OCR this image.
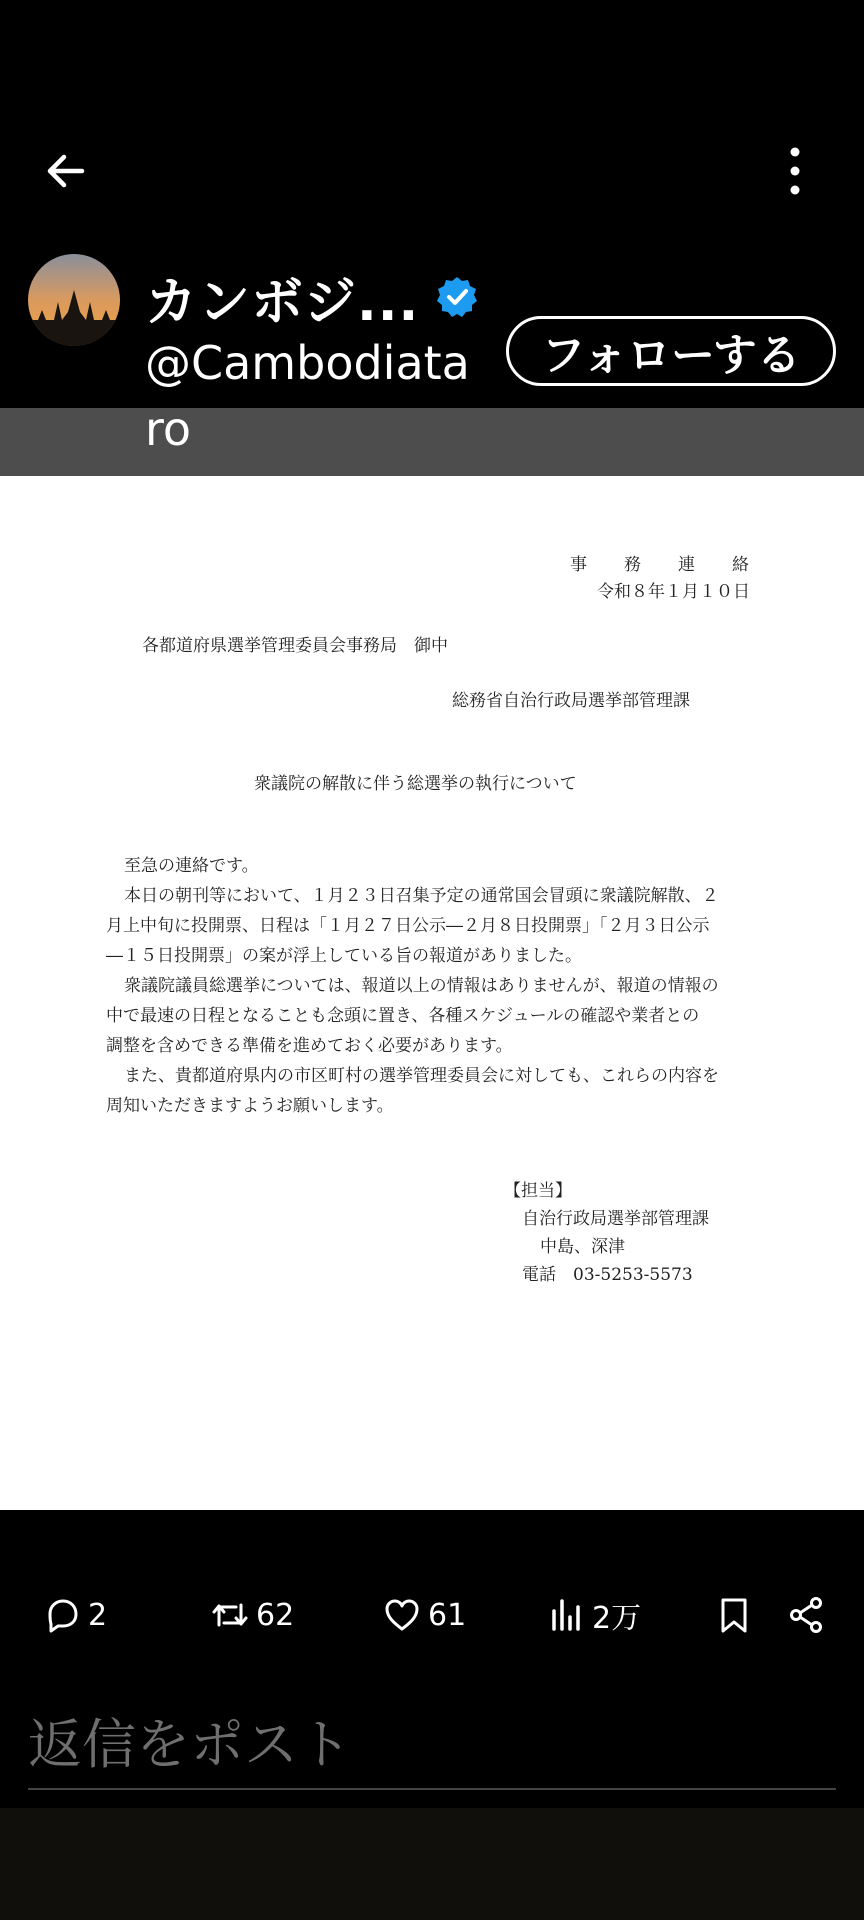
カンボジ...
@Cambodiataro
フォローする
事　　務　　連　　絡
令和８年１月１０日
各都道府県選挙管理委員会事務局　御中
総務省自治行政局選挙部管理課
衆議院の解散に伴う総選挙の執行について
至急の連絡です。
本日の朝刊等において、１月２３日召集予定の通常国会冒頭に衆議院解散、２
月上中旬に投開票、日程は「１月２７日公示―２月８日投開票」「２月３日公示
―１５日投開票」の案が浮上している旨の報道がありました。
衆議院議員総選挙については、報道以上の情報はありませんが、報道の情報の
中で最速の日程となることも念頭に置き、各種スケジュールの確認や業者との
調整を含めできる準備を進めておく必要があります。
また、貴都道府県内の市区町村の選挙管理委員会に対しても、これらの内容を
周知いただきますようお願いします。
【担当】
自治行政局選挙部管理課
中島、深津
電話　03-5253-5573
2	62	61	2万
返信をポスト
